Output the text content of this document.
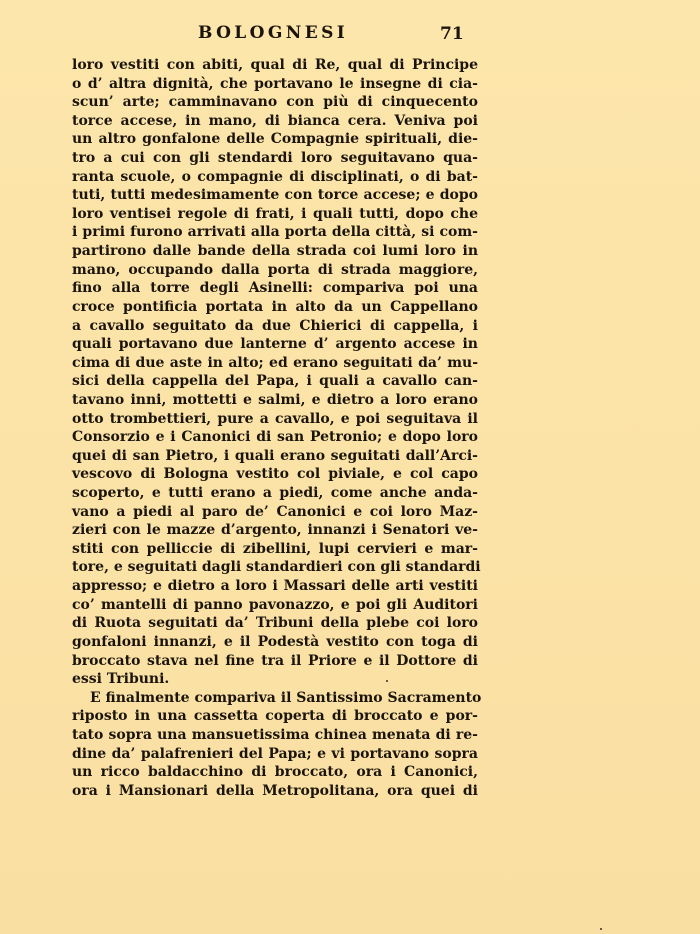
BOLOGNESI	71
loro vestiti con abiti, qual di Re, qual di Principe
o d’ altra dignità, che portavano le insegne di cia-
scun’ arte; camminavano con più di cinquecento
torce accese, in mano, di bianca cera. Veniva poi
un altro gonfalone delle Compagnie spirituali, die-
tro a cui con gli stendardi loro seguitavano qua-
ranta scuole, o compagnie di disciplinati, o di bat-
tuti, tutti medesimamente con torce accese; e dopo
loro ventisei regole di frati, i quali tutti, dopo che
i primi furono arrivati alla porta della città, si com-
partirono dalle bande della strada coi lumi loro in
mano, occupando dalla porta di strada maggiore,
fino alla torre degli Asinelli: compariva poi una
croce pontificia portata in alto da un Cappellano
a cavallo seguitato da due Chierici di cappella, i
quali portavano due lanterne d’ argento accese in
cima di due aste in alto; ed erano seguitati da’ mu-
sici della cappella del Papa, i quali a cavallo can-
tavano inni, mottetti e salmi, e dietro a loro erano
otto trombettieri, pure a cavallo, e poi seguitava il
Consorzio e i Canonici di san Petronio; e dopo loro
quei di san Pietro, i quali erano seguitati dall’Arci-
vescovo di Bologna vestito col piviale, e col capo
scoperto, e tutti erano a piedi, come anche anda-
vano a piedi al paro de’ Canonici e coi loro Maz-
zieri con le mazze d’argento, innanzi i Senatori ve-
stiti con pelliccie di zibellini, lupi cervieri e mar-
tore, e seguitati dagli standardieri con gli standardi
appresso; e dietro a loro i Massari delle arti vestiti
co’ mantelli di panno pavonazzo, e poi gli Auditori
di Ruota seguitati da’ Tribuni della plebe coi loro
gonfaloni innanzi, e il Podestà vestito con toga di
broccato stava nel fine tra il Priore e il Dottore di
essi Tribuni.
E finalmente compariva il Santissimo Sacramento
riposto in una cassetta coperta di broccato e por-
tato sopra una mansuetissima chinea menata di re-
dine da’ palafrenieri del Papa; e vi portavano sopra
un ricco baldacchino di broccato, ora i Canonici,
ora i Mansionari della Metropolitana, ora quei di
